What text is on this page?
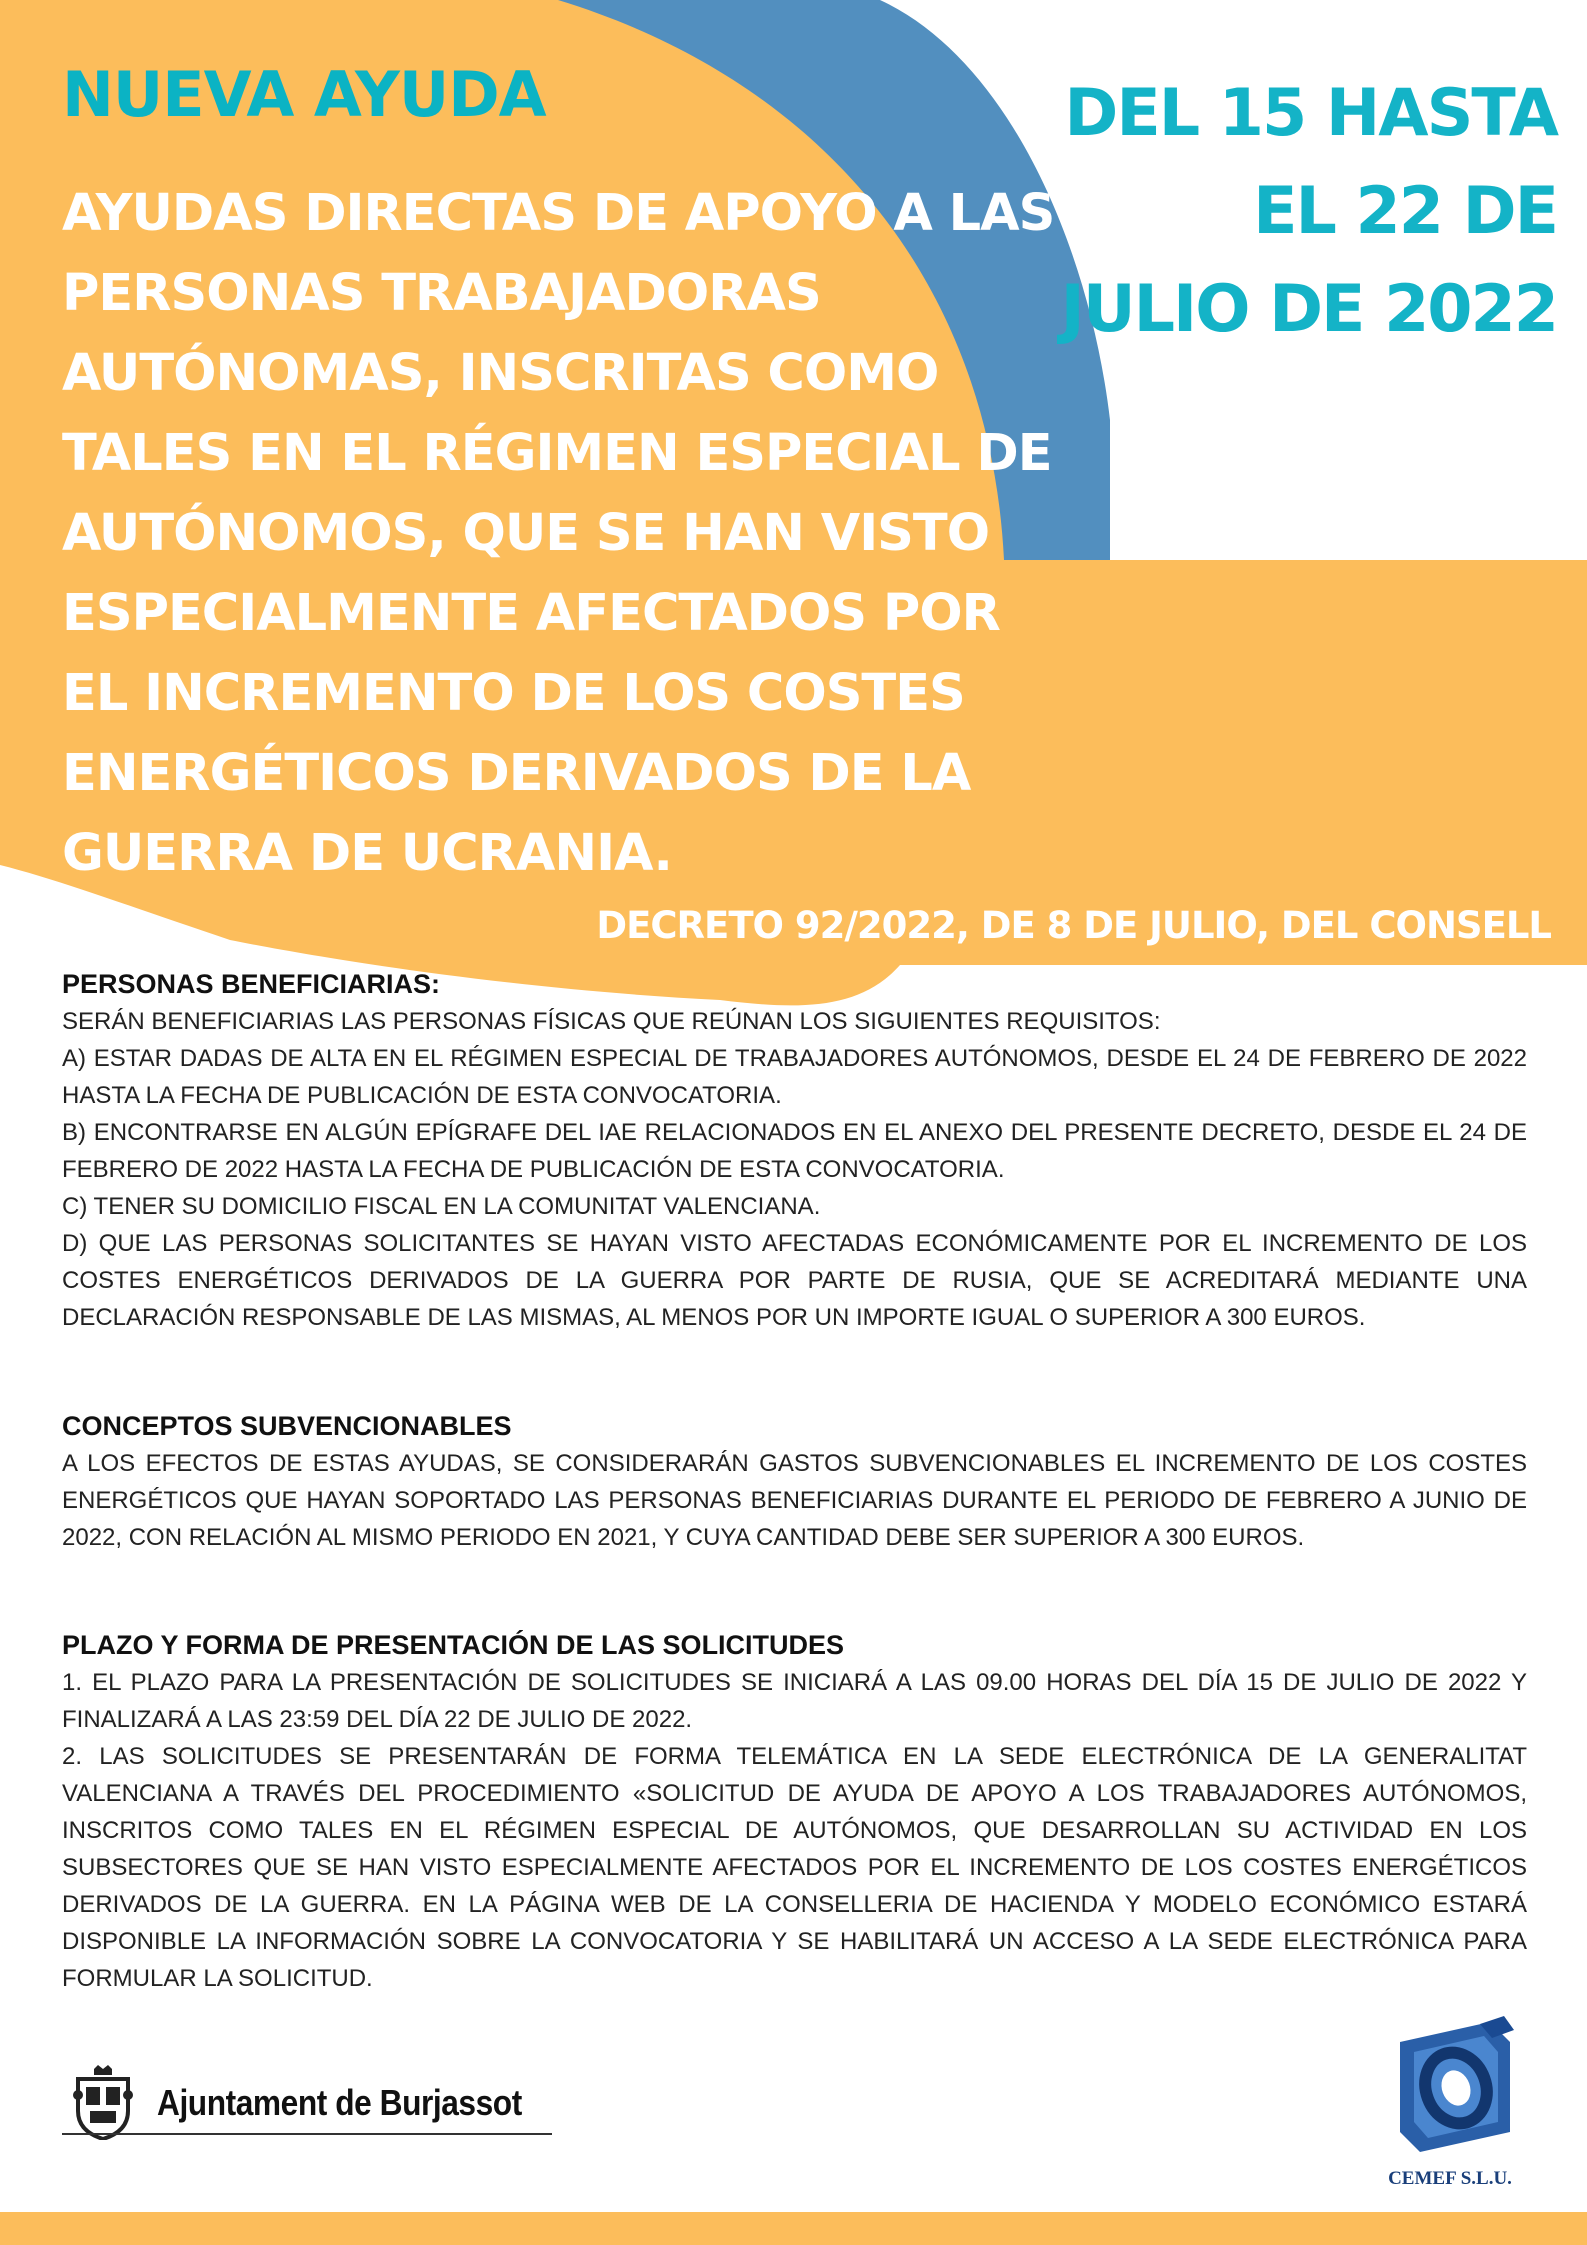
NUEVA AYUDA	DEL 15 HASTA EL 22 DE JULIO DE 2022
AYUDAS DIRECTAS DE APOYO A LAS PERSONAS TRABAJADORAS AUTÓNOMAS, INSCRITAS COMO TALES EN EL RÉGIMEN ESPECIAL DE AUTÓNOMOS, QUE SE HAN VISTO ESPECIALMENTE AFECTADOS POR EL INCREMENTO DE LOS COSTES ENERGÉTICOS DERIVADOS DE LA GUERRA DE UCRANIA.
DECRETO 92/2022, DE 8 DE JULIO, DEL CONSELL

PERSONAS BENEFICIARIAS:

SERÁN BENEFICIARIAS LAS PERSONAS FÍSICAS QUE REÚNAN LOS SIGUIENTES REQUISITOS:

A) ESTAR DADAS DE ALTA EN EL RÉGIMEN ESPECIAL DE TRABAJADORES AUTÓNOMOS, DESDE EL 24 DE FEBRERO DE 2022 HASTA LA FECHA DE PUBLICACIÓN DE ESTA CONVOCATORIA.

B) ENCONTRARSE EN ALGÚN EPÍGRAFE DEL IAE RELACIONADOS EN EL ANEXO DEL PRESENTE DECRETO, DESDE EL 24 DE FEBRERO DE 2022 HASTA LA FECHA DE PUBLICACIÓN DE ESTA CONVOCATORIA.

C) TENER SU DOMICILIO FISCAL EN LA COMUNITAT VALENCIANA.

D) QUE LAS PERSONAS SOLICITANTES SE HAYAN VISTO AFECTADAS ECONÓMICAMENTE POR EL INCREMENTO DE LOS COSTES ENERGÉTICOS DERIVADOS DE LA GUERRA POR PARTE DE RUSIA, QUE SE ACREDITARÁ MEDIANTE UNA DECLARACIÓN RESPONSABLE DE LAS MISMAS, AL MENOS POR UN IMPORTE IGUAL O SUPERIOR A 300 EUROS.

CONCEPTOS SUBVENCIONABLES

A LOS EFECTOS DE ESTAS AYUDAS, SE CONSIDERARÁN GASTOS SUBVENCIONABLES EL INCREMENTO DE LOS COSTES ENERGÉTICOS QUE HAYAN SOPORTADO LAS PERSONAS BENEFICIARIAS DURANTE EL PERIODO DE FEBRERO A JUNIO DE 2022, CON RELACIÓN AL MISMO PERIODO EN 2021, Y CUYA CANTIDAD DEBE SER SUPERIOR A 300 EUROS.

PLAZO Y FORMA DE PRESENTACIÓN DE LAS SOLICITUDES

1. EL PLAZO PARA LA PRESENTACIÓN DE SOLICITUDES SE INICIARÁ A LAS 09.00 HORAS DEL DÍA 15 DE JULIO DE 2022 Y FINALIZARÁ A LAS 23:59 DEL DÍA 22 DE JULIO DE 2022.

2. LAS SOLICITUDES SE PRESENTARÁN DE FORMA TELEMÁTICA EN LA SEDE ELECTRÓNICA DE LA GENERALITAT VALENCIANA A TRAVÉS DEL PROCEDIMIENTO «SOLICITUD DE AYUDA DE APOYO A LOS TRABAJADORES AUTÓNOMOS, INSCRITOS COMO TALES EN EL RÉGIMEN ESPECIAL DE AUTÓNOMOS, QUE DESARROLLAN SU ACTIVIDAD EN LOS SUBSECTORES QUE SE HAN VISTO ESPECIALMENTE AFECTADOS POR EL INCREMENTO DE LOS COSTES ENERGÉTICOS DERIVADOS DE LA GUERRA. EN LA PÁGINA WEB DE LA CONSELLERIA DE HACIENDA Y MODELO ECONÓMICO ESTARÁ DISPONIBLE LA INFORMACIÓN SOBRE LA CONVOCATORIA Y SE HABILITARÁ UN ACCESO A LA SEDE ELECTRÓNICA PARA FORMULAR LA SOLICITUD.

Ajuntament de Burjassot
CEMEF S.L.U.
